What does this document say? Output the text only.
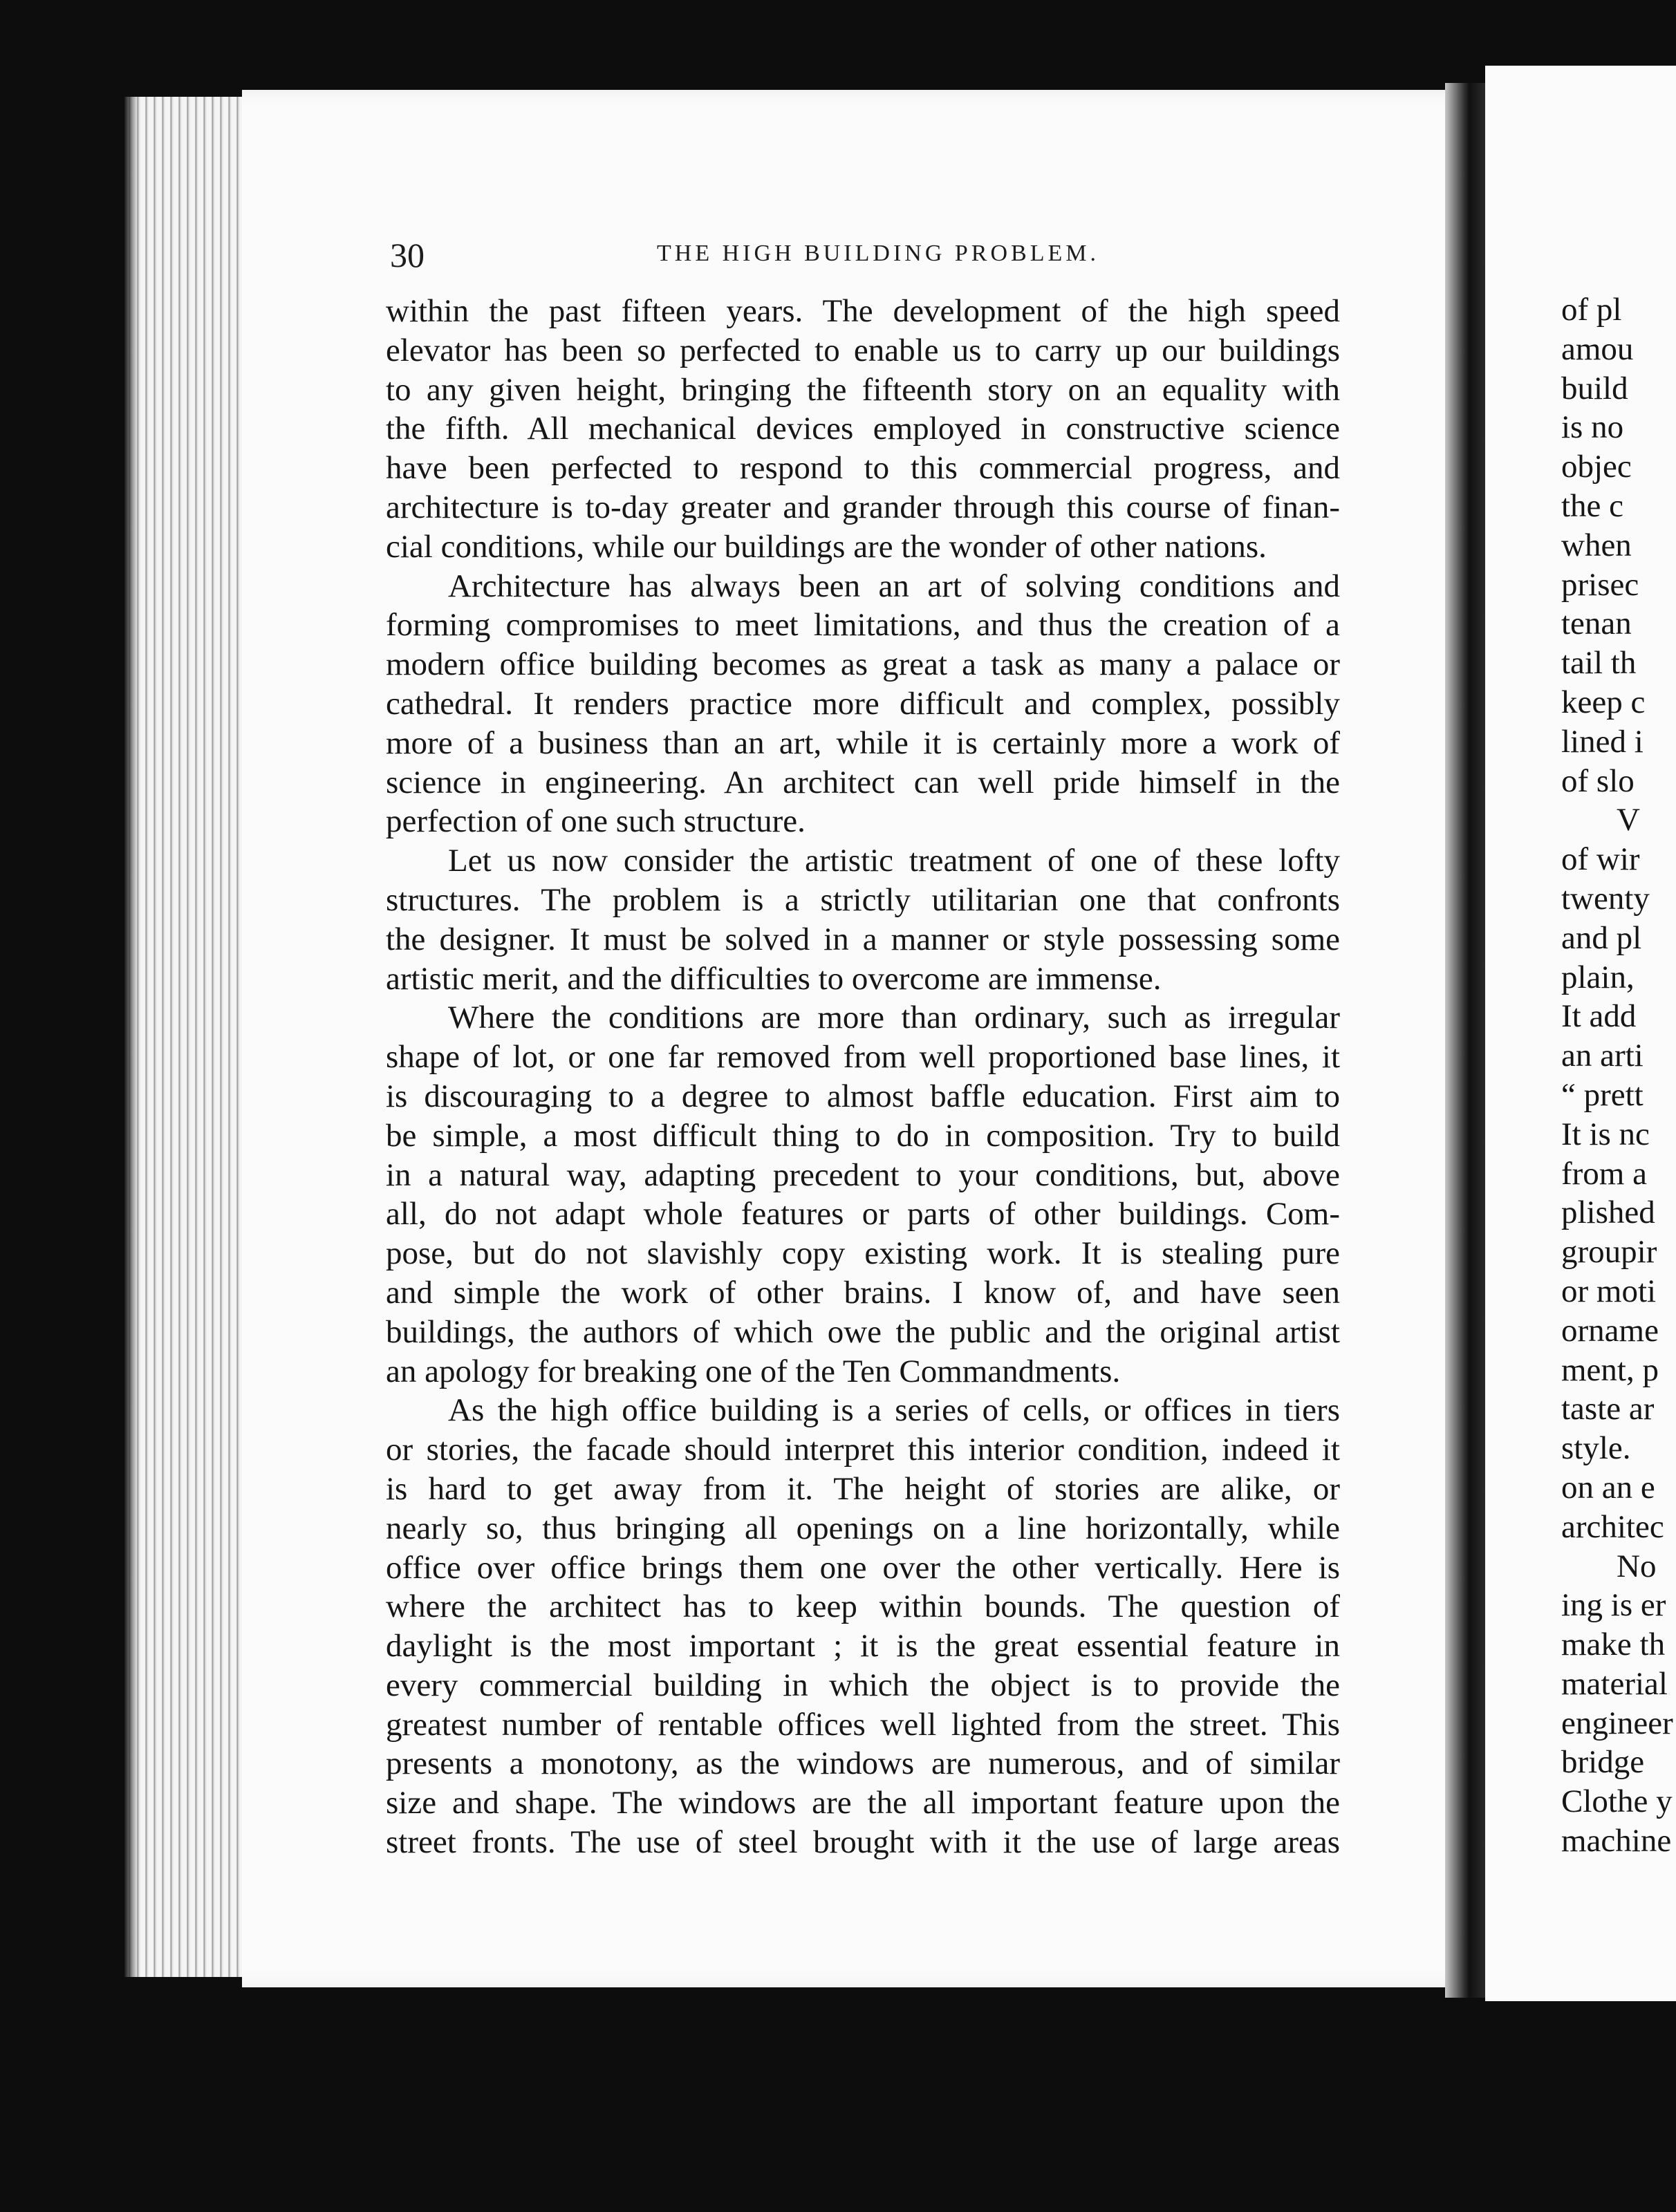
30	THE HIGH BUILDING PROBLEM.
within the past fifteen years. The development of the high speed
elevator has been so perfected to enable us to carry up our buildings
to any given height, bringing the fifteenth story on an equality with
the fifth. All mechanical devices employed in constructive science
have been perfected to respond to this commercial progress, and
architecture is to-day greater and grander through this course of finan-
cial conditions, while our buildings are the wonder of other nations.
Architecture has always been an art of solving conditions and
forming compromises to meet limitations, and thus the creation of a
modern office building becomes as great a task as many a palace or
cathedral. It renders practice more difficult and complex, possibly
more of a business than an art, while it is certainly more a work of
science in engineering. An architect can well pride himself in the
perfection of one such structure.
Let us now consider the artistic treatment of one of these lofty
structures. The problem is a strictly utilitarian one that confronts
the designer. It must be solved in a manner or style possessing some
artistic merit, and the difficulties to overcome are immense.
Where the conditions are more than ordinary, such as irregular
shape of lot, or one far removed from well proportioned base lines, it
is discouraging to a degree to almost baffle education. First aim to
be simple, a most difficult thing to do in composition. Try to build
in a natural way, adapting precedent to your conditions, but, above
all, do not adapt whole features or parts of other buildings. Com-
pose, but do not slavishly copy existing work. It is stealing pure
and simple the work of other brains. I know of, and have seen
buildings, the authors of which owe the public and the original artist
an apology for breaking one of the Ten Commandments.
As the high office building is a series of cells, or offices in tiers
or stories, the facade should interpret this interior condition, indeed it
is hard to get away from it. The height of stories are alike, or
nearly so, thus bringing all openings on a line horizontally, while
office over office brings them one over the other vertically. Here is
where the architect has to keep within bounds. The question of
daylight is the most important ; it is the great essential feature in
every commercial building in which the object is to provide the
greatest number of rentable offices well lighted from the street. This
presents a monotony, as the windows are numerous, and of similar
size and shape. The windows are the all important feature upon the
street fronts. The use of steel brought with it the use of large areas
of pl
amou
build
is no
objec
the c
when
prisec
tenan
tail th
keep c
lined i
of slo
V
of wir
twenty
and pl
plain,
It add
an arti
“ prett
It is nc
from a
plished
groupir
or moti
orname
ment, p
taste ar
style.
on an e
architec
No
ing is er
make th
material
engineer
bridge
Clothe y
machine
